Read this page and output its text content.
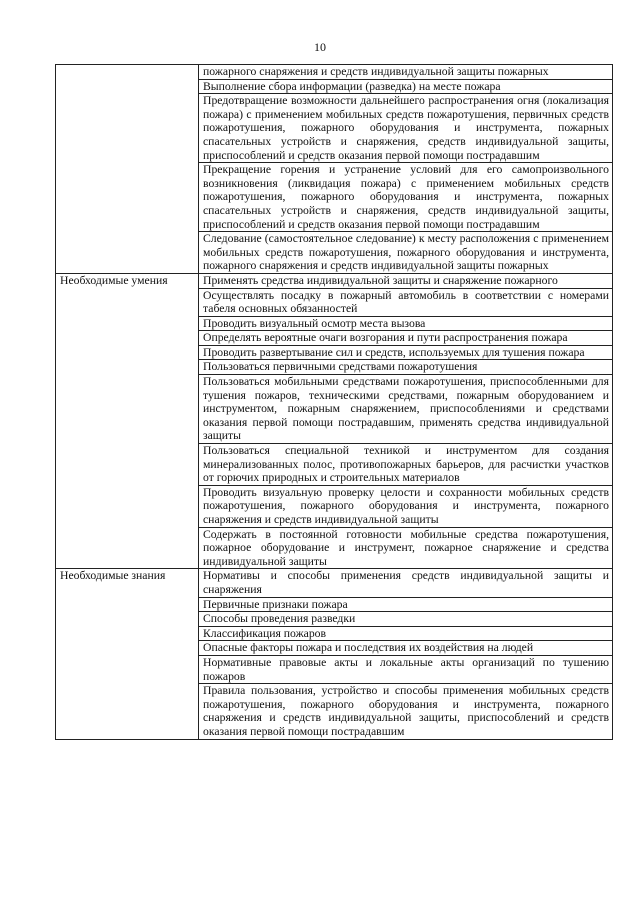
10
	пожарного снаряжения и средств индивидуальной защиты пожарных
	Выполнение сбора информации (разведка) на месте пожара
	Предотвращение возможности дальнейшего распространения огня (локализация пожара) с применением мобильных средств пожаротушения, первичных средств пожаротушения, пожарного оборудования и инструмента, пожарных спасательных устройств и снаряжения, средств индивидуальной защиты, приспособлений и средств оказания первой помощи пострадавшим
	Прекращение горения и устранение условий для его самопроизвольного возникновения (ликвидация пожара) с применением мобильных средств пожаротушения, пожарного оборудования и инструмента, пожарных спасательных устройств и снаряжения, средств индивидуальной защиты, приспособлений и средств оказания первой помощи пострадавшим
	Следование (самостоятельное следование) к месту расположения с применением мобильных средств пожаротушения, пожарного оборудования и инструмента, пожарного снаряжения и средств индивидуальной защиты пожарных
Необходимые умения	Применять средства индивидуальной защиты и снаряжение пожарного
	Осуществлять посадку в пожарный автомобиль в соответствии с номерами табеля основных обязанностей
	Проводить визуальный осмотр места вызова
	Определять вероятные очаги возгорания и пути распространения пожара
	Проводить развертывание сил и средств, используемых для тушения пожара
	Пользоваться первичными средствами пожаротушения
	Пользоваться мобильными средствами пожаротушения, приспособленными для тушения пожаров, техническими средствами, пожарным оборудованием и инструментом, пожарным снаряжением, приспособлениями и средствами оказания первой помощи пострадавшим, применять средства индивидуальной защиты
	Пользоваться специальной техникой и инструментом для создания минерализованных полос, противопожарных барьеров, для расчистки участков от горючих природных и строительных материалов
	Проводить визуальную проверку целости и сохранности мобильных средств пожаротушения, пожарного оборудования и инструмента, пожарного снаряжения и средств индивидуальной защиты
	Содержать в постоянной готовности мобильные средства пожаротушения, пожарное оборудование и инструмент, пожарное снаряжение и средства индивидуальной защиты
Необходимые знания	Нормативы и способы применения средств индивидуальной защиты и снаряжения
	Первичные признаки пожара
	Способы проведения разведки
	Классификация пожаров
	Опасные факторы пожара и последствия их воздействия на людей
	Нормативные правовые акты и локальные акты организаций по тушению пожаров
	Правила пользования, устройство и способы применения мобильных средств пожаротушения, пожарного оборудования и инструмента, пожарного снаряжения и средств индивидуальной защиты, приспособлений и средств оказания первой помощи пострадавшим
